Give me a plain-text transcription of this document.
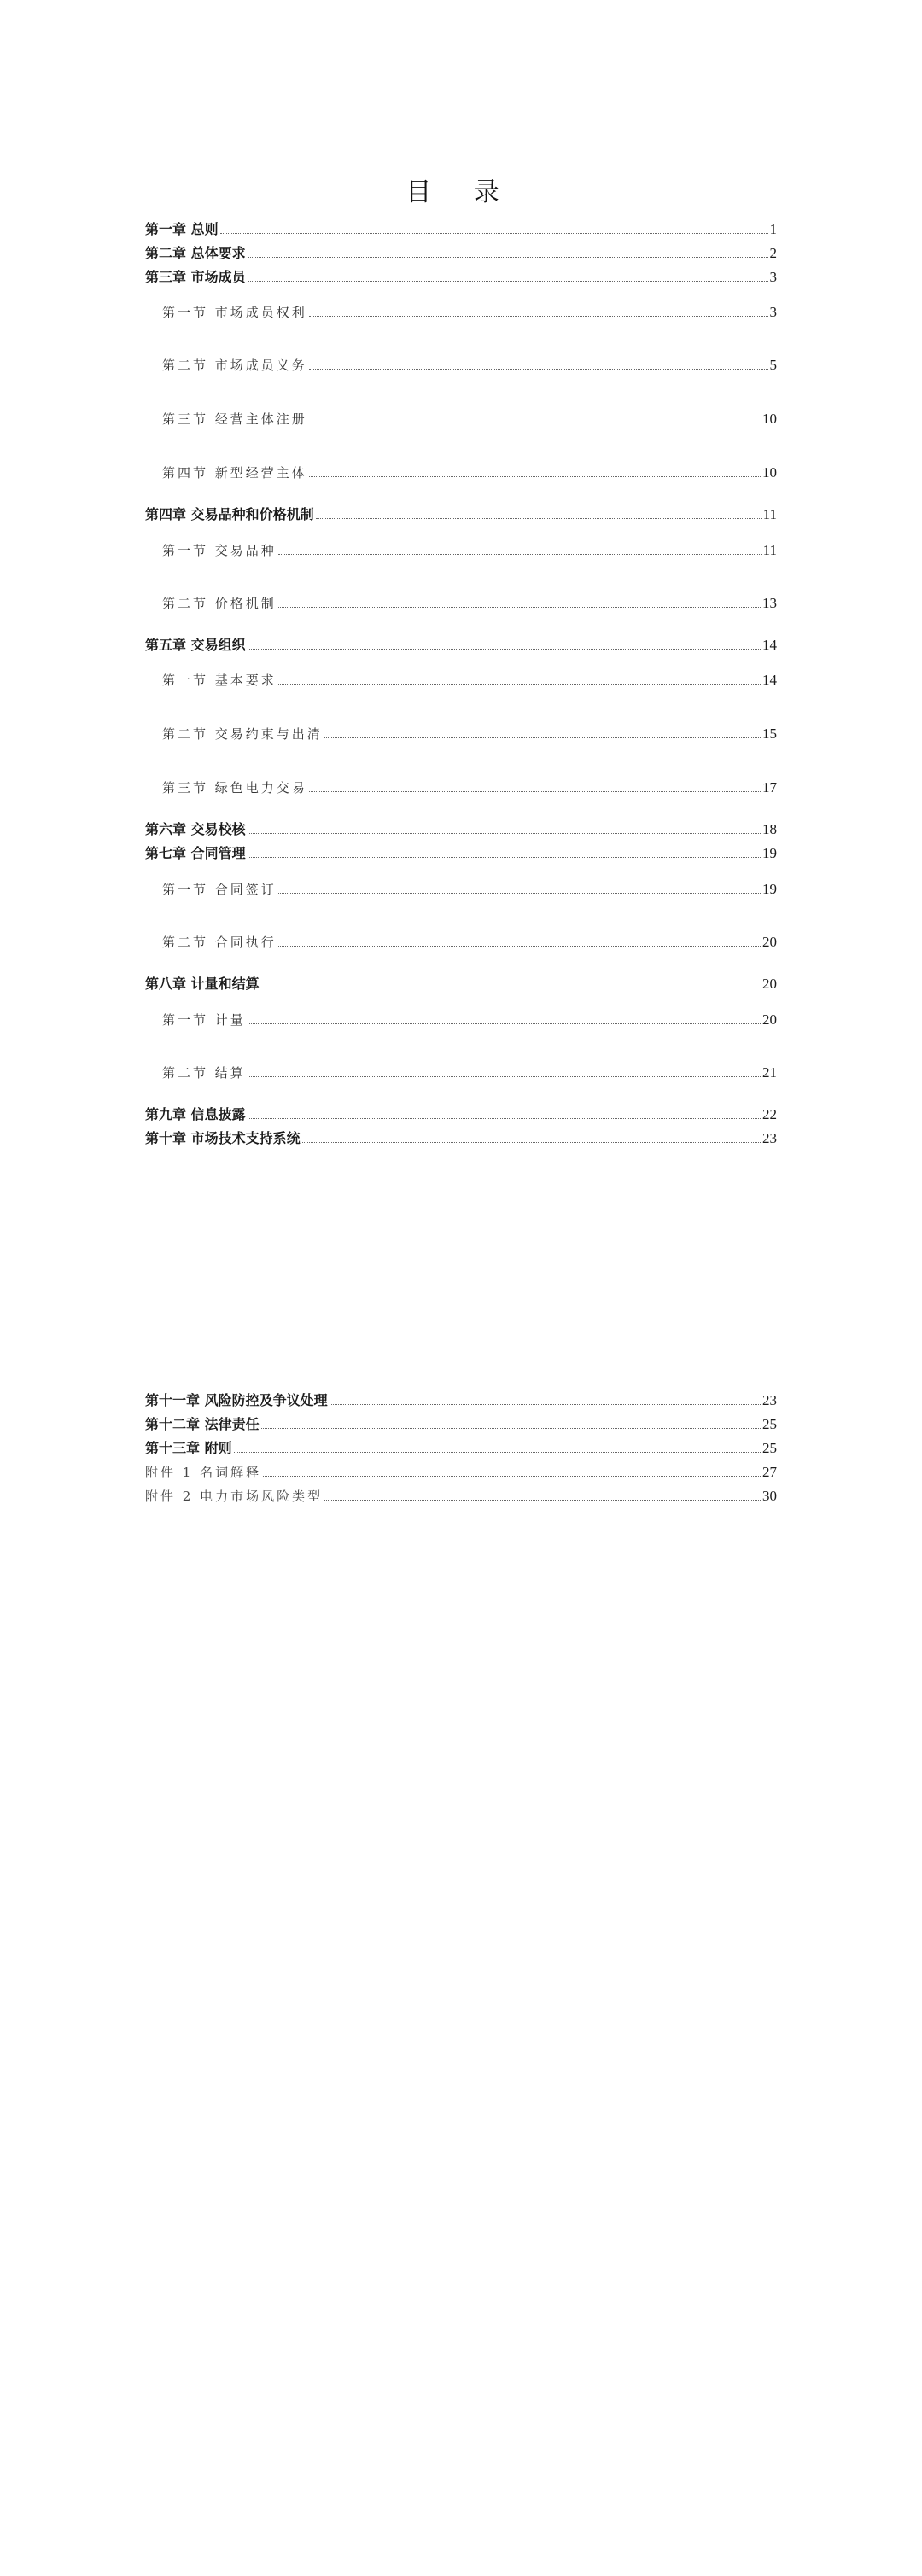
目 录
第一章 总则	1
第二章 总体要求	2
第三章 市场成员	3
第一节 市场成员权利	3
第二节 市场成员义务	5
第三节 经营主体注册	10
第四节 新型经营主体	10
第四章 交易品种和价格机制	11
第一节 交易品种	11
第二节 价格机制	13
第五章 交易组织	14
第一节 基本要求	14
第二节 交易约束与出清	15
第三节 绿色电力交易	17
第六章 交易校核	18
第七章 合同管理	19
第一节 合同签订	19
第二节 合同执行	20
第八章 计量和结算	20
第一节 计量	20
第二节 结算	21
第九章 信息披露	22
第十章 市场技术支持系统	23
第十一章 风险防控及争议处理	23
第十二章 法律责任	25
第十三章 附则	25
附件 1 名词解释	27
附件 2 电力市场风险类型	30
